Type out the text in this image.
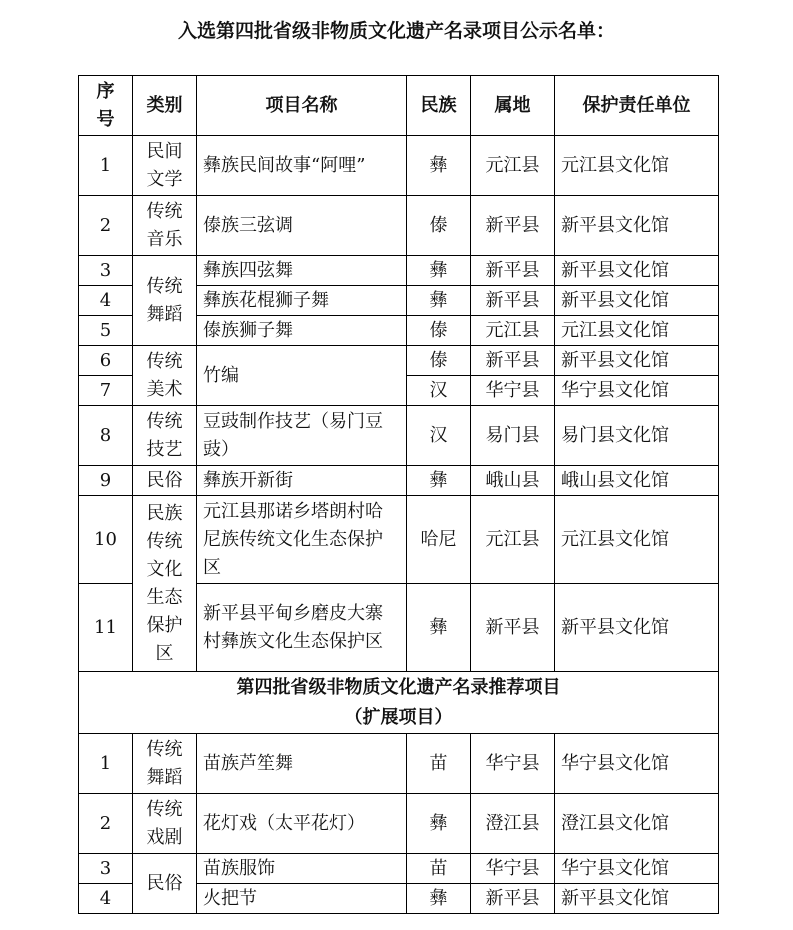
入选第四批省级非物质文化遗产名录项目公示名单：
序号	类别	项目名称	民族	属地	保护责任单位
1	民间文学	彝族民间故事“阿哩”	彝	元江县	元江县文化馆
2	传统音乐	傣族三弦调	傣	新平县	新平县文化馆
3	传统舞蹈	彝族四弦舞	彝	新平县	新平县文化馆
4		彝族花棍狮子舞	彝	新平县	新平县文化馆
5		傣族狮子舞	傣	元江县	元江县文化馆
6	传统美术	竹编	傣	新平县	新平县文化馆
7			汉	华宁县	华宁县文化馆
8	传统技艺	豆豉制作技艺（易门豆豉）	汉	易门县	易门县文化馆
9	民俗	彝族开新街	彝	峨山县	峨山县文化馆
10	民族传统文化生态保护区	元江县那诺乡塔朗村哈尼族传统文化生态保护区	哈尼	元江县	元江县文化馆
11		新平县平甸乡磨皮大寨村彝族文化生态保护区	彝	新平县	新平县文化馆

第四批省级非物质文化遗产名录推荐项目
（扩展项目）					

1	传统舞蹈	苗族芦笙舞	苗	华宁县	华宁县文化馆
2	传统戏剧	花灯戏（太平花灯）	彝	澄江县	澄江县文化馆
3	民俗	苗族服饰	苗	华宁县	华宁县文化馆
4		火把节	彝	新平县	新平县文化馆
